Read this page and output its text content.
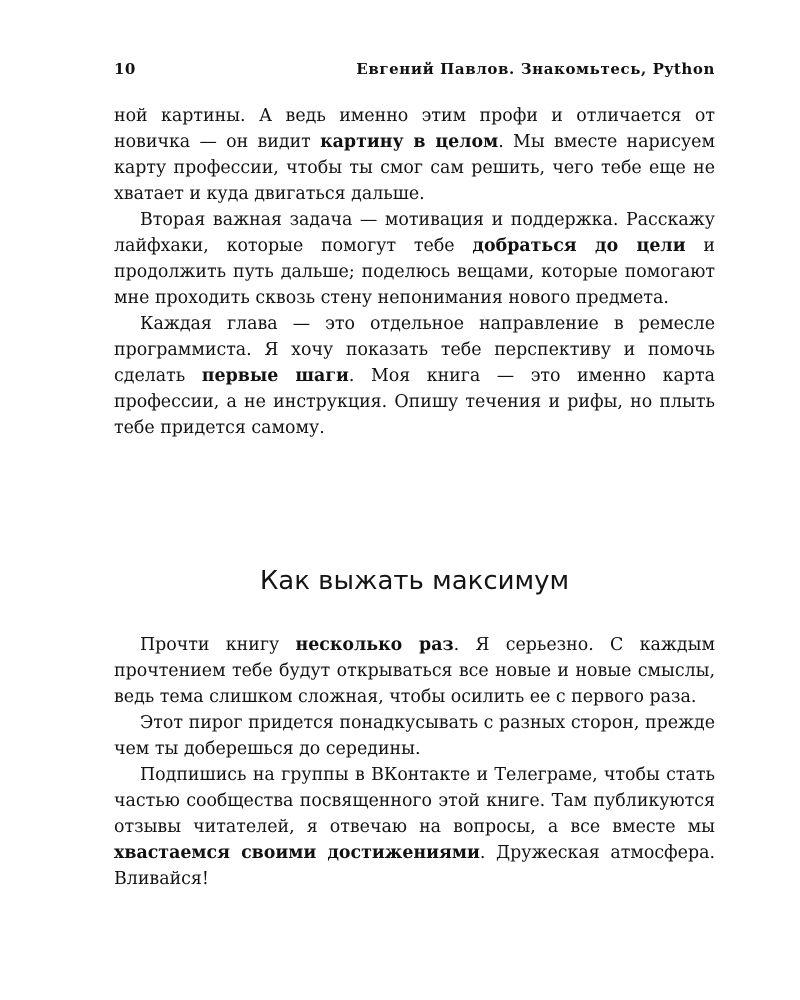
10	Евгений Павлов. Знакомьтесь, Python

ной картины. А ведь именно этим профи и отличается от новичка — он видит картину в целом. Мы вместе нарисуем карту профессии, чтобы ты смог сам решить, чего тебе еще не хватает и куда двигаться дальше.

Вторая важная задача — мотивация и поддержка. Расскажу лайфхаки, которые помогут тебе добраться до цели и продолжить путь дальше; поделюсь вещами, которые помогают мне проходить сквозь стену непонимания нового предмета.

Каждая глава — это отдельное направление в ремесле программиста. Я хочу показать тебе перспективу и помочь сделать первые шаги. Моя книга — это именно карта профессии, а не инструкция. Опишу течения и рифы, но плыть тебе придется самому.

Как выжать максимум

Прочти книгу несколько раз. Я серьезно. С каждым прочтением тебе будут открываться все новые и новые смыслы, ведь тема слишком сложная, чтобы осилить ее с первого раза.

Этот пирог придется понадкусывать с разных сторон, прежде чем ты доберешься до середины.

Подпишись на группы в ВКонтакте и Телеграме, чтобы стать частью сообщества посвященного этой книге. Там публикуются отзывы читателей, я отвечаю на вопросы, а все вместе мы хвастаемся своими достижениями. Дружеская атмосфера. Вливайся!
